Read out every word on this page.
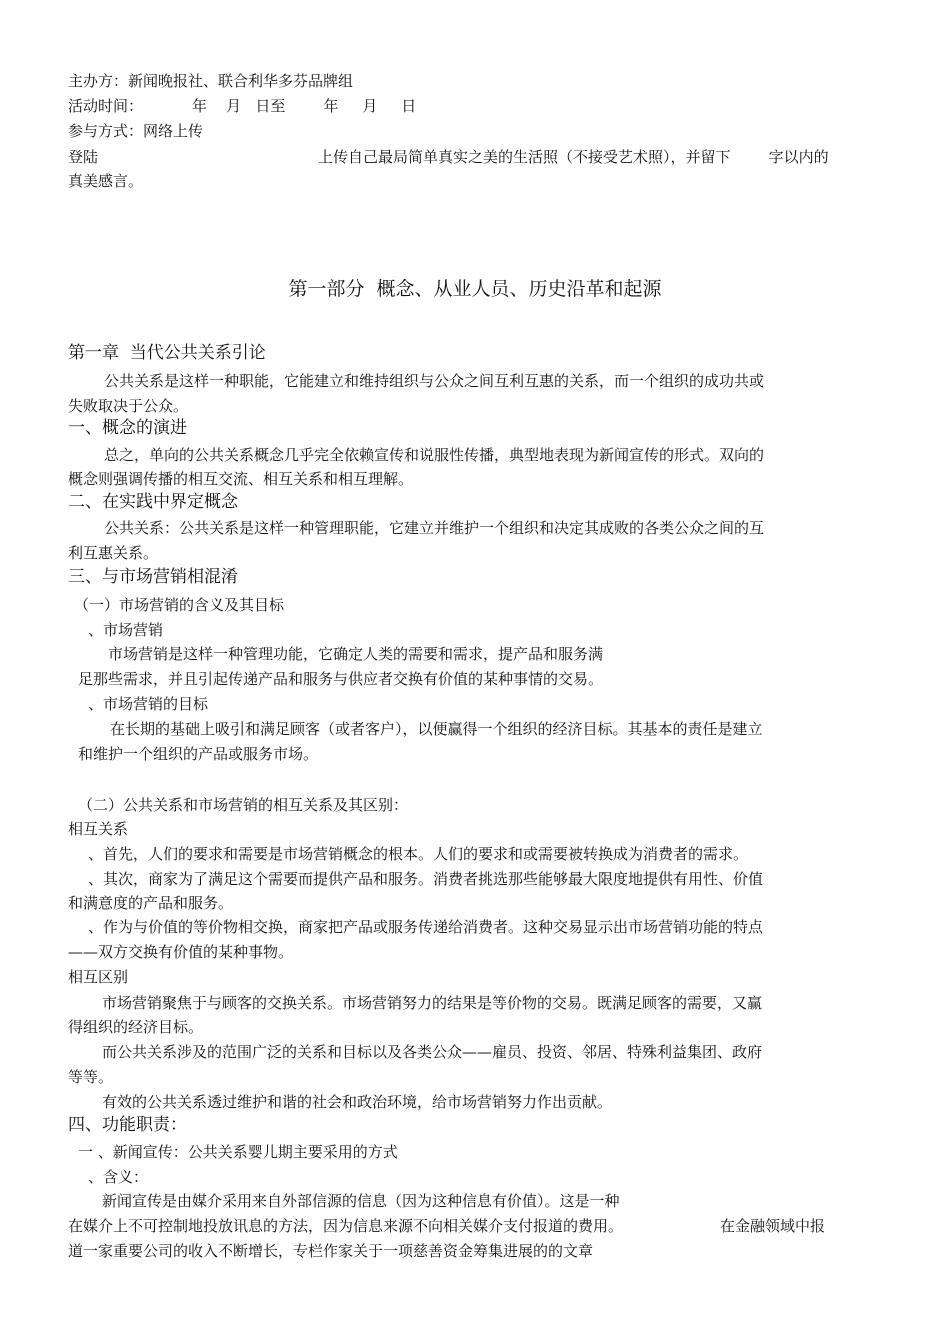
主办方：新闻晚报社、联合利华多芬品牌组
活动时间：	年    月   日至        年     月     日
参与方式：网络上传
登陆	上传自己最局简单真实之美的生活照（不接受艺术照），并留下        字以内的
真美感言。
第一部分  概念、从业人员、历史沿革和起源
第一章  当代公共关系引论
公共关系是这样一种职能，它能建立和维持组织与公众之间互利互惠的关系，而一个组织的成功共或
失败取决于公众。
一、概念的演进
总之，单向的公共关系概念几乎完全依赖宣传和说服性传播，典型地表现为新闻宣传的形式。双向的
概念则强调传播的相互交流、相互关系和相互理解。
二、在实践中界定概念
公共关系：公共关系是这样一种管理职能，它建立并维护一个组织和决定其成败的各类公众之间的互
利互惠关系。
三、与市场营销相混淆
（一）市场营销的含义及其目标
、市场营销
市场营销是这样一种管理功能，它确定人类的需要和需求，提产品和服务满
足那些需求，并且引起传递产品和服务与供应者交换有价值的某种事情的交易。
、市场营销的目标
在长期的基础上吸引和满足顾客（或者客户），以便赢得一个组织的经济目标。其基本的责任是建立
和维护一个组织的产品或服务市场。
（二）公共关系和市场营销的相互关系及其区别：
相互关系
、首先，人们的要求和需要是市场营销概念的根本。人们的要求和或需要被转换成为消费者的需求。
、其次，商家为了满足这个需要而提供产品和服务。消费者挑选那些能够最大限度地提供有用性、价值
和满意度的产品和服务。
、作为与价值的等价物相交换，商家把产品或服务传递给消费者。这种交易显示出市场营销功能的特点
——双方交换有价值的某种事物。
相互区别
市场营销聚焦于与顾客的交换关系。市场营销努力的结果是等价物的交易。既满足顾客的需要，又赢
得组织的经济目标。
而公共关系涉及的范围广泛的关系和目标以及各类公众——雇员、投资、邻居、特殊利益集团、政府
等等。
有效的公共关系透过维护和谐的社会和政治环境，给市场营销努力作出贡献。
四、功能职责：
一 、新闻宣传：公共关系婴儿期主要采用的方式
、含义：
新闻宣传是由媒介采用来自外部信源的信息（因为这种信息有价值）。这是一种
在媒介上不可控制地投放讯息的方法，因为信息来源不向相关媒介支付报道的费用。	在金融领域中报
道一家重要公司的收入不断增长，专栏作家关于一项慈善资金筹集进展的的文章
